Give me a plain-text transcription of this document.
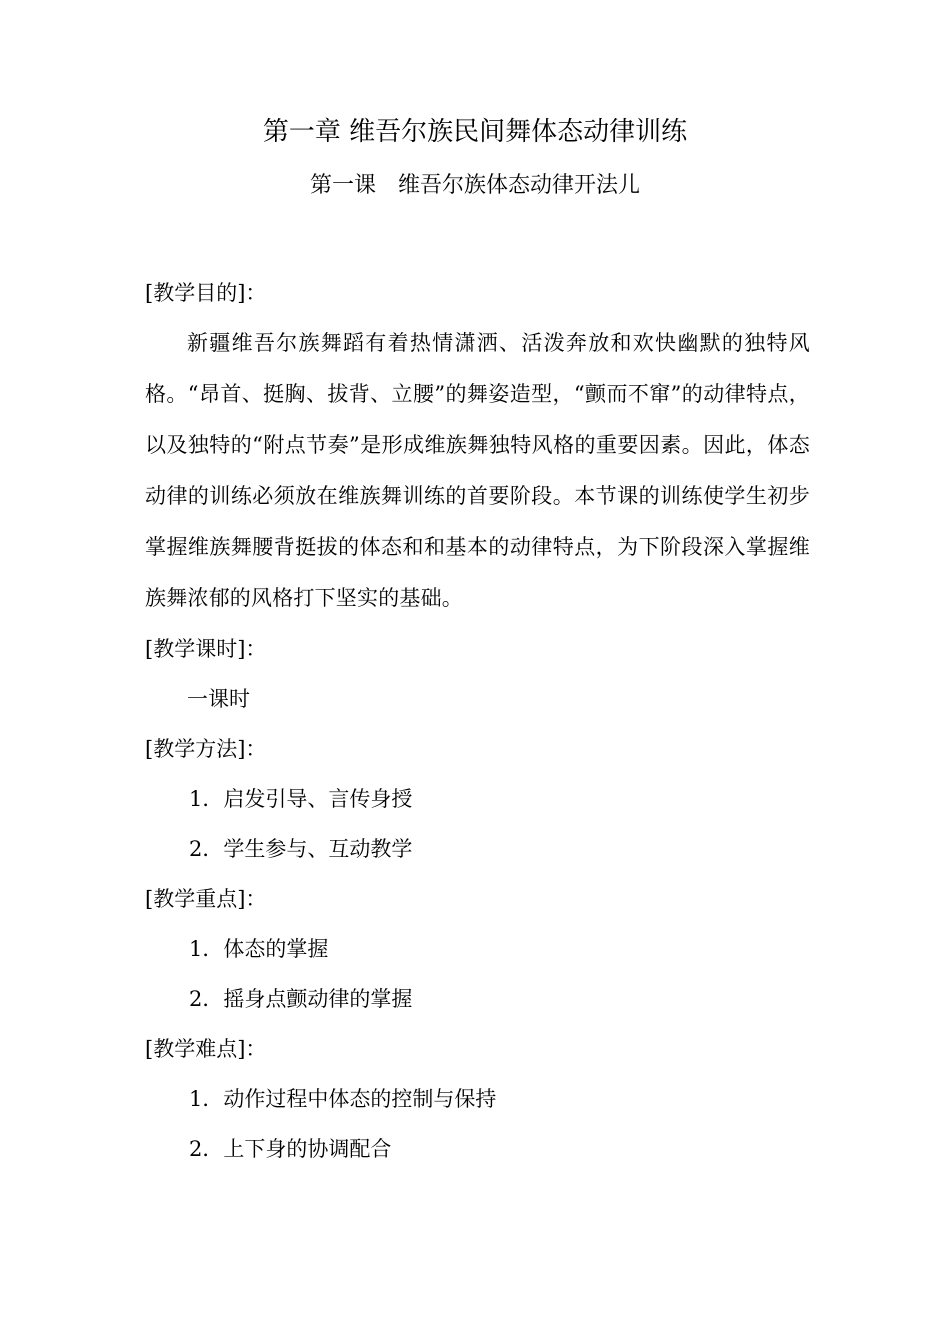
第一章 维吾尔族民间舞体态动律训练
第一课　维吾尔族体态动律开法儿

[教学目的]：

新疆维吾尔族舞蹈有着热情潇洒、活泼奔放和欢快幽默的独特风格。“昂首、挺胸、拔背、立腰”的舞姿造型，“颤而不窜”的动律特点，以及独特的“附点节奏”是形成维族舞独特风格的重要因素。因此，体态动律的训练必须放在维族舞训练的首要阶段。本节课的训练使学生初步掌握维族舞腰背挺拔的体态和和基本的动律特点，为下阶段深入掌握维族舞浓郁的风格打下坚实的基础。

[教学课时]：

一课时

[教学方法]：

1．启发引导、言传身授

2．学生参与、互动教学

[教学重点]：

1．体态的掌握

2．摇身点颤动律的掌握

[教学难点]：

1．动作过程中体态的控制与保持

2．上下身的协调配合
